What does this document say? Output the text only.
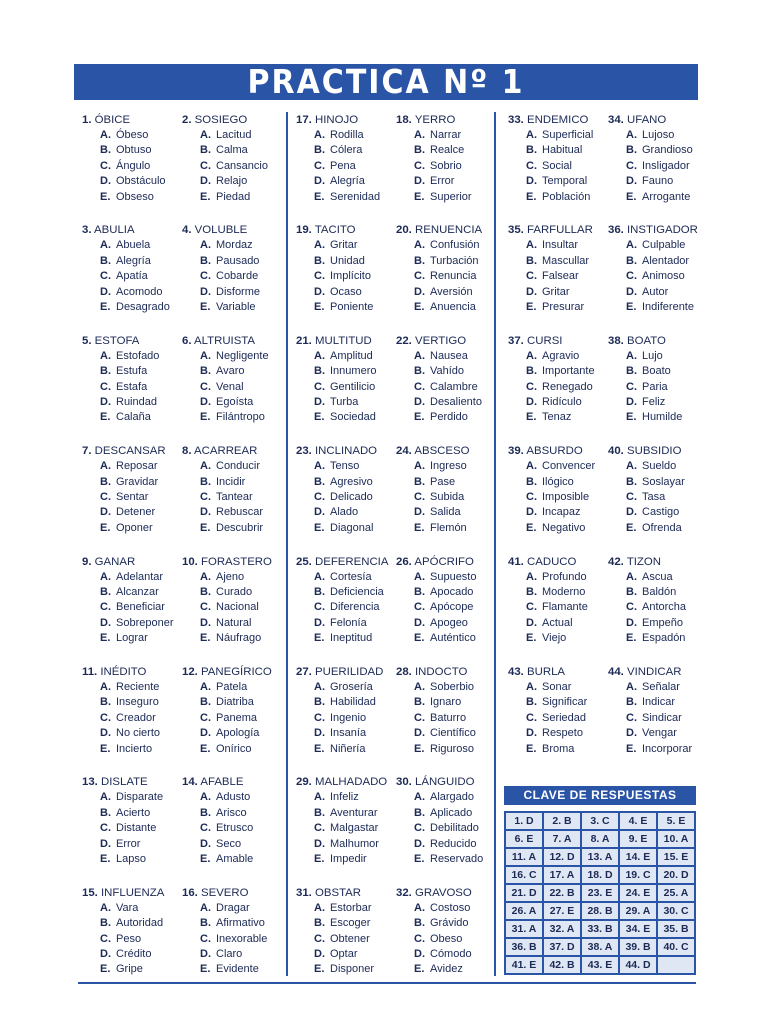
PRACTICA Nº 1
1. ÓBICE
A. Óbeso
B. Obtuso
C. Ángulo
D. Obstáculo
E. Obseso
2. SOSIEGO
A. Lacitud
B. Calma
C. Cansancio
D. Relajo
E. Piedad
3. ABULIA
A. Abuela
B. Alegría
C. Apatía
D. Acomodo
E. Desagrado
4. VOLUBLE
A. Mordaz
B. Pausado
C. Cobarde
D. Disforme
E. Variable
5. ESTOFA
A. Estofado
B. Estufa
C. Estafa
D. Ruindad
E. Calaña
6. ALTRUISTA
A. Negligente
B. Avaro
C. Venal
D. Egoísta
E. Filántropo
7. DESCANSAR
A. Reposar
B. Gravidar
C. Sentar
D. Detener
E. Oponer
8. ACARREAR
A. Conducir
B. Incidir
C. Tantear
D. Rebuscar
E. Descubrir
9. GANAR
A. Adelantar
B. Alcanzar
C. Beneficiar
D. Sobreponer
E. Lograr
10. FORASTERO
A. Ajeno
B. Curado
C. Nacional
D. Natural
E. Náufrago
11. INÉDITO
A. Reciente
B. Inseguro
C. Creador
D. No cierto
E. Incierto
12. PANEGÍRICO
A. Patela
B. Diatriba
C. Panema
D. Apología
E. Onírico
13. DISLATE
A. Disparate
B. Acierto
C. Distante
D. Error
E. Lapso
14. AFABLE
A. Adusto
B. Arisco
C. Etrusco
D. Seco
E. Amable
15. INFLUENZA
A. Vara
B. Autoridad
C. Peso
D. Crédito
E. Gripe
16. SEVERO
A. Dragar
B. Afirmativo
C. Inexorable
D. Claro
E. Evidente
17. HINOJO
A. Rodilla
B. Cólera
C. Pena
D. Alegría
E. Serenidad
18. YERRO
A. Narrar
B. Realce
C. Sobrio
D. Error
E. Superior
19. TACITO
A. Gritar
B. Unidad
C. Implícito
D. Ocaso
E. Poniente
20. RENUENCIA
A. Confusión
B. Turbación
C. Renuncia
D. Aversión
E. Anuencia
21. MULTITUD
A. Amplitud
B. Innumero
C. Gentilicio
D. Turba
E. Sociedad
22. VERTIGO
A. Nausea
B. Vahído
C. Calambre
D. Desaliento
E. Perdido
23. INCLINADO
A. Tenso
B. Agresivo
C. Delicado
D. Alado
E. Diagonal
24. ABSCESO
A. Ingreso
B. Pase
C. Subida
D. Salida
E. Flemón
25. DEFERENCIA
A. Cortesía
B. Deficiencia
C. Diferencia
D. Felonía
E. Ineptitud
26. APÓCRIFO
A. Supuesto
B. Apocado
C. Apócope
D. Apogeo
E. Auténtico
27. PUERILIDAD
A. Grosería
B. Habilidad
C. Ingenio
D. Insanía
E. Niñería
28. INDOCTO
A. Soberbio
B. Ignaro
C. Baturro
D. Científico
E. Riguroso
29. MALHADADO
A. Infeliz
B. Aventurar
C. Malgastar
D. Malhumor
E. Impedir
30. LÁNGUIDO
A. Alargado
B. Aplicado
C. Debilitado
D. Reducido
E. Reservado
31. OBSTAR
A. Estorbar
B. Escoger
C. Obtener
D. Optar
E. Disponer
32. GRAVOSO
A. Costoso
B. Grávido
C. Obeso
D. Cómodo
E. Avidez
33. ENDEMICO
A. Superficial
B. Habitual
C. Social
D. Temporal
E. Población
34. UFANO
A. Lujoso
B. Grandioso
C. Insligador
D. Fauno
E. Arrogante
35. FARFULLAR
A. Insultar
B. Mascullar
C. Falsear
D. Gritar
E. Presurar
36. INSTIGADOR
A. Culpable
B. Alentador
C. Animoso
D. Autor
E. Indiferente
37. CURSI
A. Agravio
B. Importante
C. Renegado
D. Ridículo
E. Tenaz
38. BOATO
A. Lujo
B. Boato
C. Paria
D. Feliz
E. Humilde
39. ABSURDO
A. Convencer
B. Ilógico
C. Imposible
D. Incapaz
E. Negativo
40. SUBSIDIO
A. Sueldo
B. Soslayar
C. Tasa
D. Castigo
E. Ofrenda
41. CADUCO
A. Profundo
B. Moderno
C. Flamante
D. Actual
E. Viejo
42. TIZON
A. Ascua
B. Baldón
C. Antorcha
D. Empeño
E. Espadón
43. BURLA
A. Sonar
B. Significar
C. Seriedad
D. Respeto
E. Broma
44. VINDICAR
A. Señalar
B. Indicar
C. Sindicar
D. Vengar
E. Incorporar
CLAVE DE RESPUESTAS
1. D	2. B	3. C	4. E	5. E
6. E	7. A	8. A	9. E	10. A
11. A	12. D	13. A	14. E	15. E
16. C	17. A	18. D	19. C	20. D
21. D	22. B	23. E	24. E	25. A
26. A	27. E	28. B	29. A	30. C
31. A	32. A	33. B	34. E	35. B
36. B	37. D	38. A	39. B	40. C
41. E	42. B	43. E	44. D
